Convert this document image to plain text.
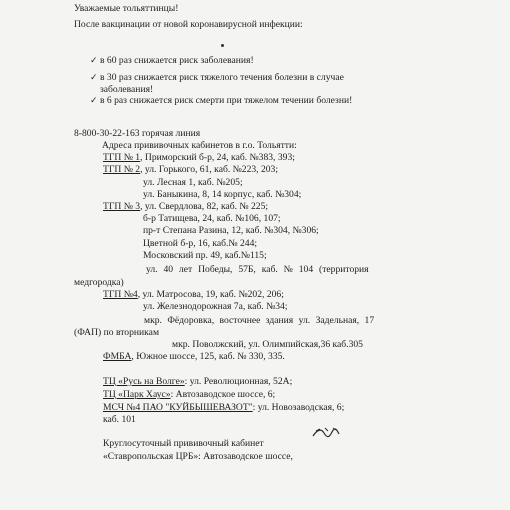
Уважаемые тольяттинцы!
После вакцинации от новой коронавирусной инфекции:
✓ в 60 раз снижается риск заболевания!
✓ в 30 раз снижается риск тяжелого течения болезни в случае
заболевания!
✓ в 6 раз снижается риск смерти при тяжелом течении болезни!
8-800-30-22-163 горячая линия
Адреса прививочных кабинетов в г.о. Тольятти:
ТГП № 1, Приморский б-р, 24, каб. №383, 393;
ТГП № 2, ул. Горького, 61, каб. №223, 203;
ул. Лесная 1, каб. №205;
ул. Баныкина, 8, 14 корпус, каб. №304;
ТГП № 3, ул. Свердлова, 82, каб. № 225;
б-р Татищева, 24, каб. №106, 107;
пр-т Степана Разина, 12, каб. №304, №306;
Цветной б-р, 16, каб.№ 244;
Московский пр. 49, каб.№115;
ул. 40 лет Победы, 57Б, каб. № 104 (территория
медгородка)
ТГП №4, ул. Матросова, 19, каб. №202, 206;
ул. Железнодорожная 7а, каб. №34;
мкр. Фёдоровка, восточнее здания ул. Задельная, 17
(ФАП) по вторникам
мкр. Поволжский, ул. Олимпийская,36 каб.305
ФМБА, Южное шоссе, 125, каб. № 330, 335.
ТЦ «Русь на Волге»: ул. Революционная, 52А;
ТЦ «Парк Хаус»: Автозаводское шоссе, 6;
МСЧ №4 ПАО "КУЙБЫШЕВАЗОТ": ул. Новозаводская, 6;
каб. 101
Круглосуточный прививочный кабинет
«Ставропольская ЦРБ»: Автозаводское шоссе,
